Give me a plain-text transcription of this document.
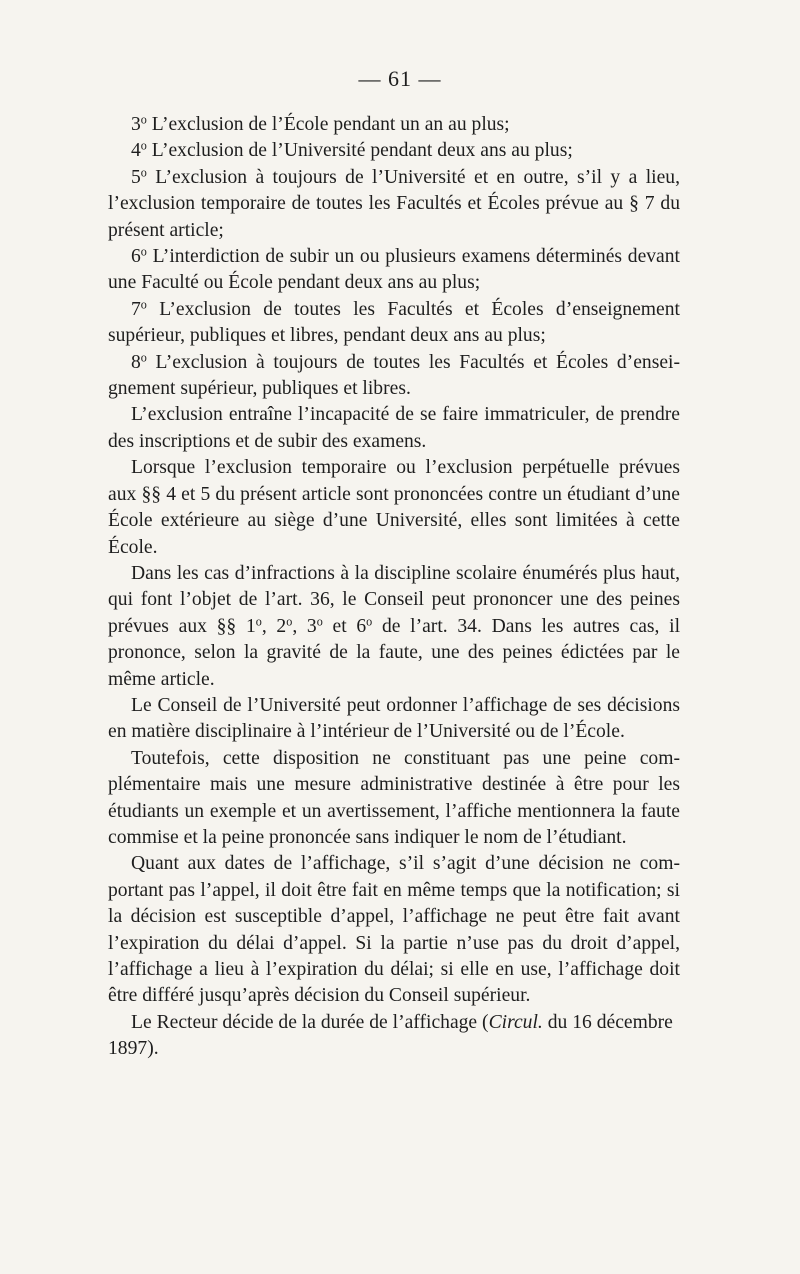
— 61 —

3$^o$ L’exclusion de l’École pendant un an au plus;

4$^o$ L’exclusion de l’Université pendant deux ans au plus;

5$^o$ L’exclusion à toujours de l’Université et en outre, s’il y a lieu, l’exclusion temporaire de toutes les Facultés et Écoles prévue au § 7 du présent article;

6$^o$ L’interdiction de subir un ou plusieurs examens déterminés devant une Faculté ou École pendant deux ans au plus;

7$^o$ L’exclusion de toutes les Facultés et Écoles d’enseignement supérieur, publiques et libres, pendant deux ans au plus;

8$^o$ L’exclusion à toujours de toutes les Facultés et Écoles d’enseignement supérieur, publiques et libres.

L’exclusion entraîne l’incapacité de se faire immatriculer, de prendre des inscriptions et de subir des examens.

Lorsque l’exclusion temporaire ou l’exclusion perpétuelle prévues aux §§ 4 et 5 du présent article sont prononcées contre un étudiant d’une École extérieure au siège d’une Université, elles sont limitées à cette École.

Dans les cas d’infractions à la discipline scolaire énumérés plus haut, qui font l’objet de l’art. 36, le Conseil peut prononcer une des peines prévues aux §§ 1$^o$, 2$^o$, 3$^o$ et 6$^o$ de l’art. 34. Dans les autres cas, il prononce, selon la gravité de la faute, une des peines édictées par le même article.

Le Conseil de l’Université peut ordonner l’affichage de ses décisions en matière disciplinaire à l’intérieur de l’Université ou de l’École.

Toutefois, cette disposition ne constituant pas une peine complémentaire mais une mesure administrative destinée à être pour les étudiants un exemple et un avertissement, l’affiche mentionnera la faute commise et la peine prononcée sans indiquer le nom de l’étudiant.

Quant aux dates de l’affichage, s’il s’agit d’une décision ne comportant pas l’appel, il doit être fait en même temps que la notification; si la décision est susceptible d’appel, l’affichage ne peut être fait avant l’expiration du délai d’appel. Si la partie n’use pas du droit d’appel, l’affichage a lieu à l’expiration du délai; si elle en use, l’affichage doit être différé jusqu’après décision du Conseil supérieur.

Le Recteur décide de la durée de l’affichage (Circul. du 16 décembre 1897).
